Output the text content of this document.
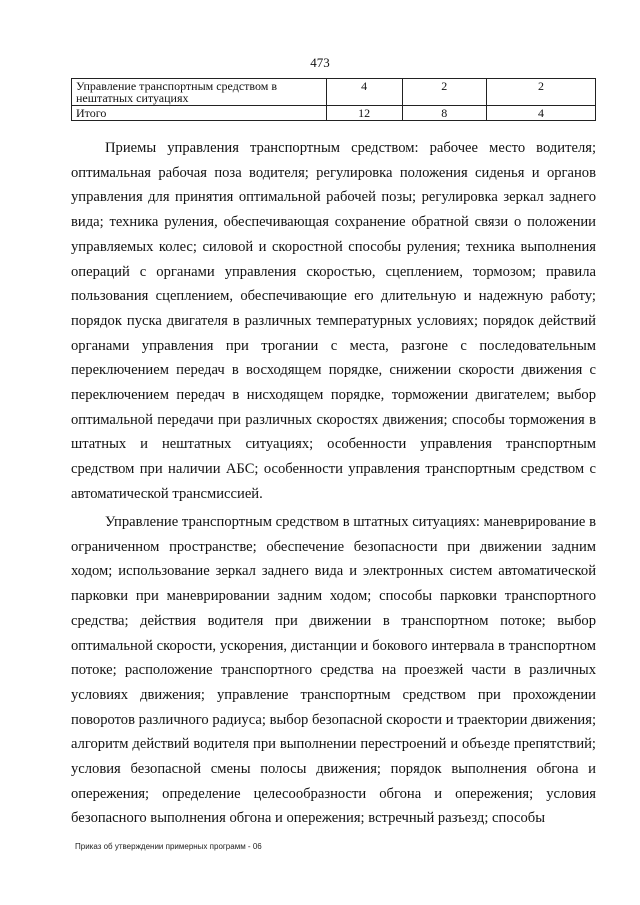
473
Управление транспортным средством в нештатных ситуациях	4	2	2
Итого	12	8	4

Приемы управления транспортным средством: рабочее место водителя; оптимальная рабочая поза водителя; регулировка положения сиденья и органов управления для принятия оптимальной рабочей позы; регулировка зеркал заднего вида; техника руления, обеспечивающая сохранение обратной связи о положении управляемых колес; силовой и скоростной способы руления; техника выполнения операций с органами управления скоростью, сцеплением, тормозом; правила пользования сцеплением, обеспечивающие его длительную и надежную работу; порядок пуска двигателя в различных температурных условиях; порядок действий органами управления при трогании с места, разгоне с последовательным переключением передач в восходящем порядке, снижении скорости движения с переключением передач в нисходящем порядке, торможении двигателем; выбор оптимальной передачи при различных скоростях движения; способы торможения в штатных и нештатных ситуациях; особенности управления транспортным средством при наличии АБС; особенности управления транспортным средством с автоматической трансмиссией.

Управление транспортным средством в штатных ситуациях: маневрирование в ограниченном пространстве; обеспечение безопасности при движении задним ходом; использование зеркал заднего вида и электронных систем автоматической парковки при маневрировании задним ходом; способы парковки транспортного средства; действия водителя при движении в транспортном потоке; выбор оптимальной скорости, ускорения, дистанции и бокового интервала в транспортном потоке; расположение транспортного средства на проезжей части в различных условиях движения; управление транспортным средством при прохождении поворотов различного радиуса; выбор безопасной скорости и траектории движения; алгоритм действий водителя при выполнении перестроений и объезде препятствий; условия безопасной смены полосы движения; порядок выполнения обгона и опережения; определение целесообразности обгона и опережения; условия безопасного выполнения обгона и опережения; встречный разъезд; способы

Приказ об утверждении примерных программ - 06
